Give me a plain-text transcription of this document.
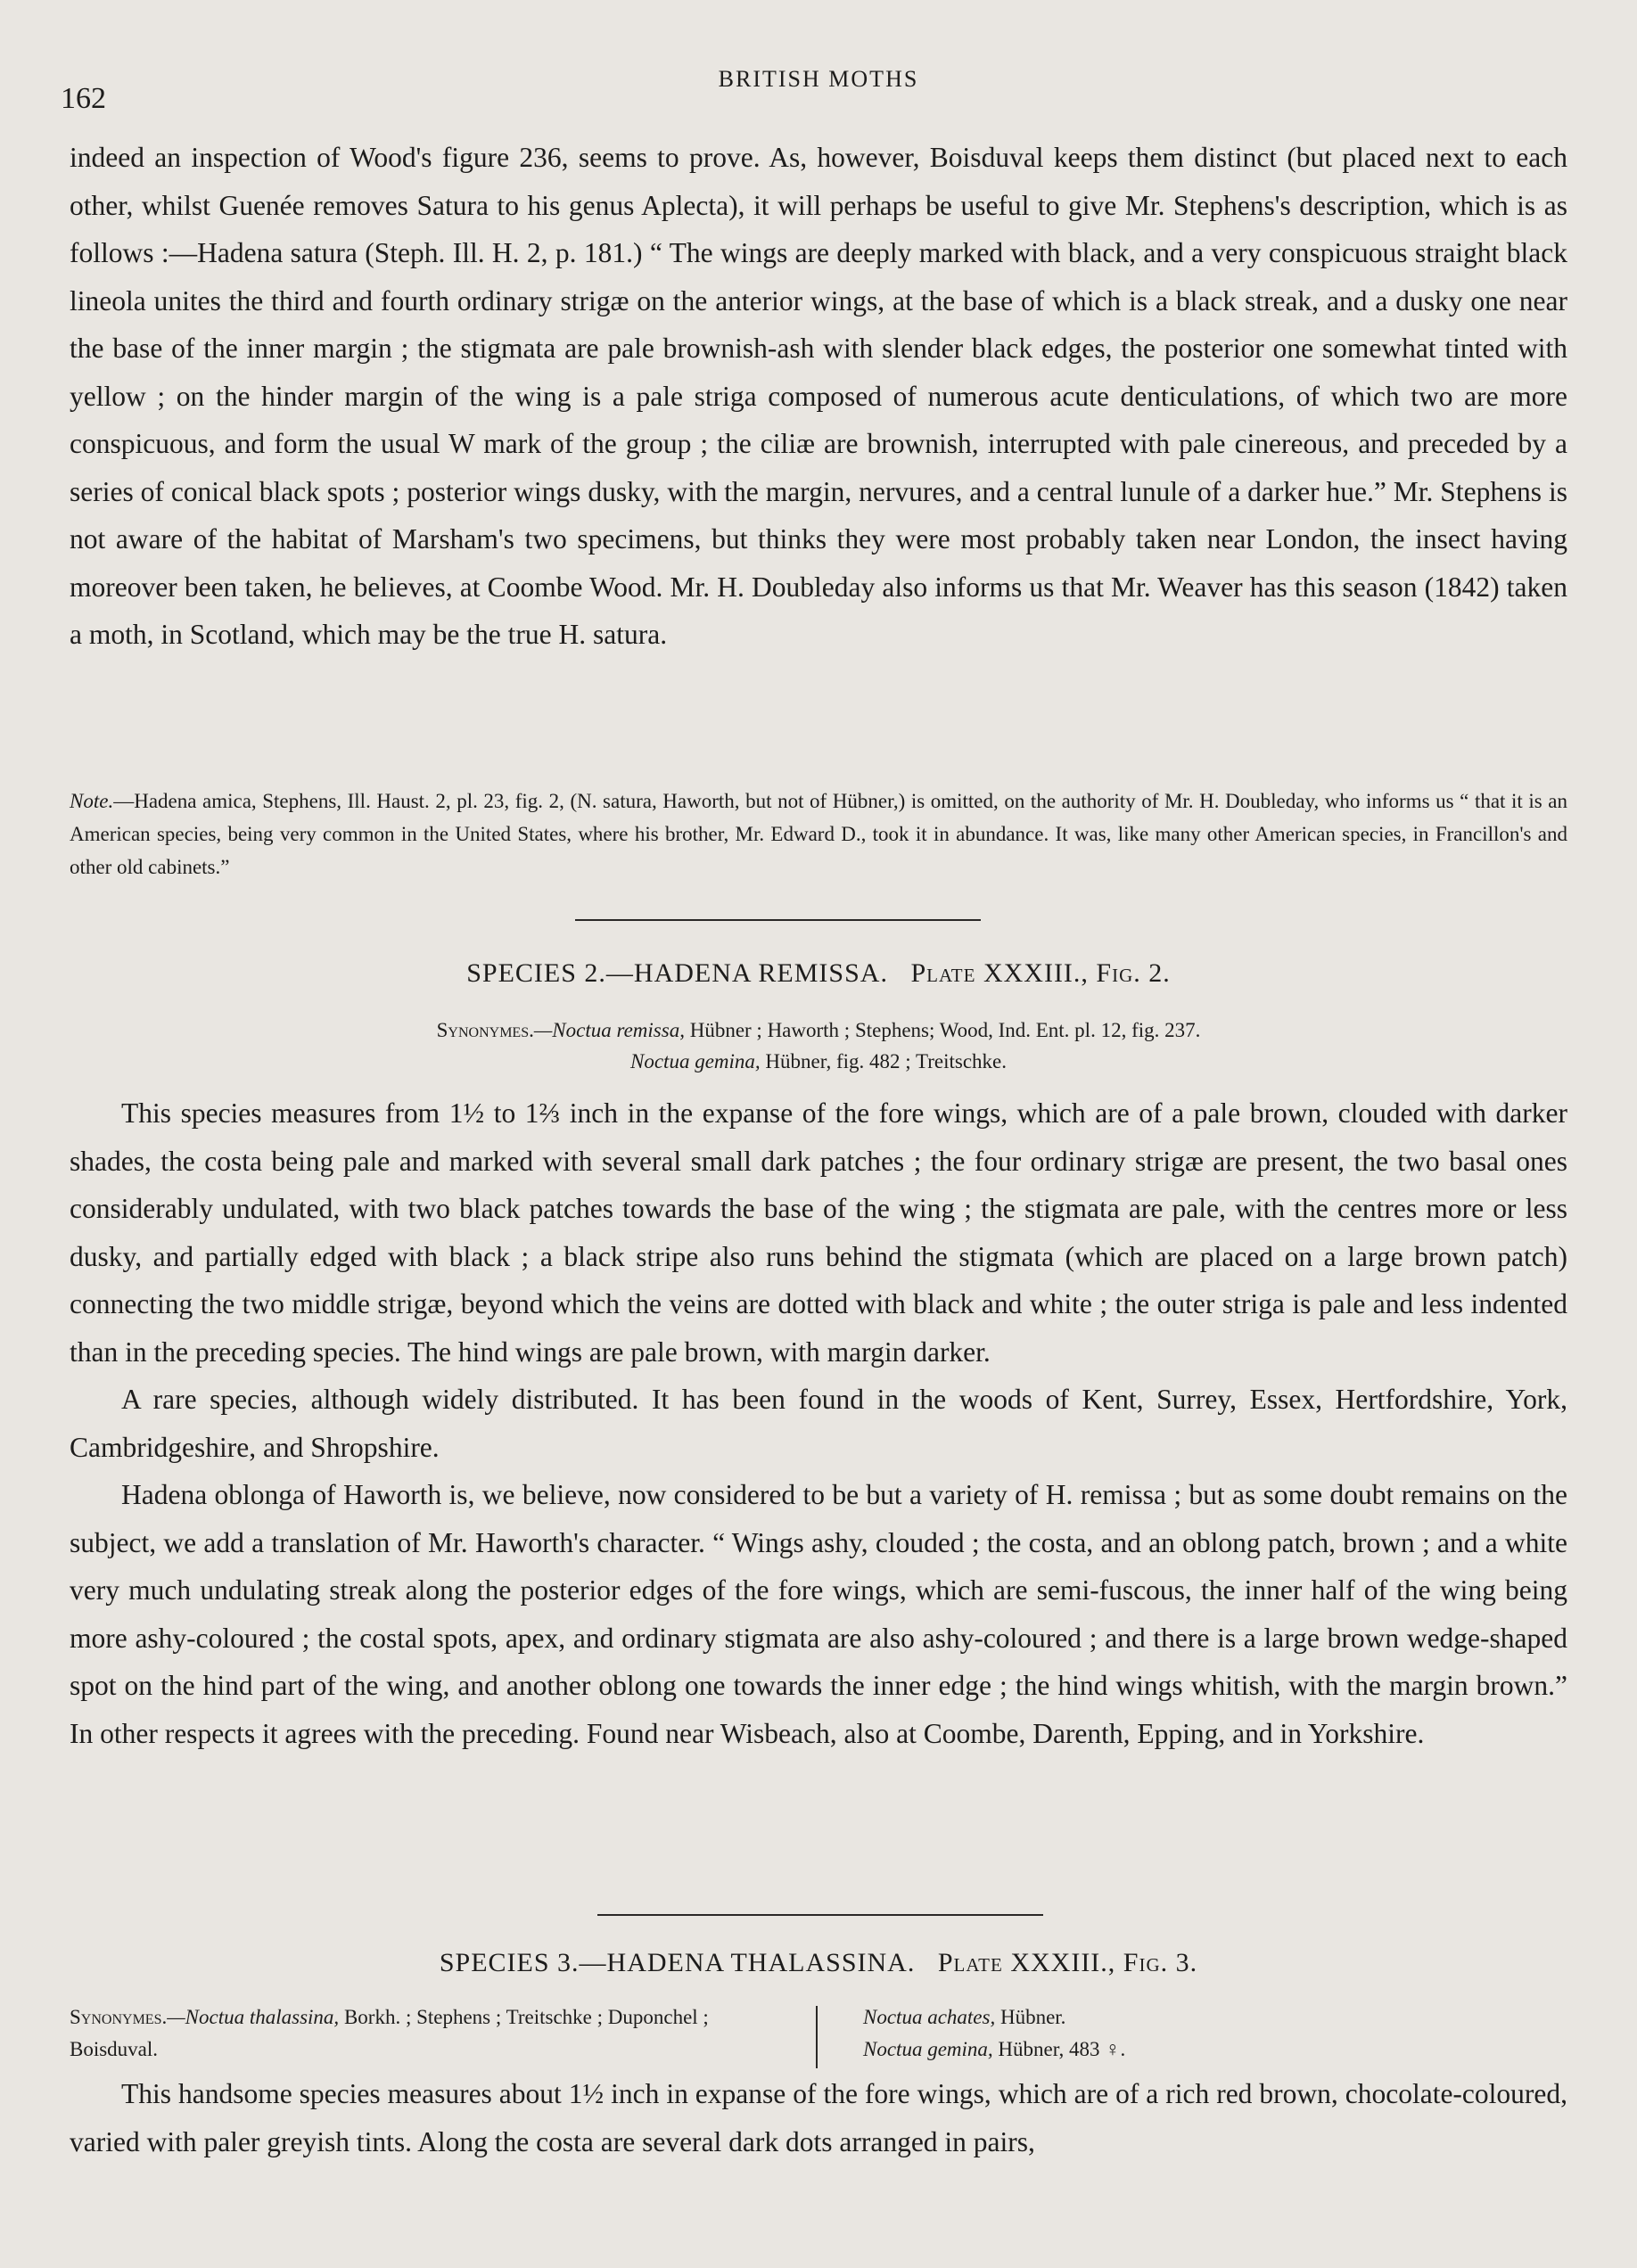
162
BRITISH MOTHS
indeed an inspection of Wood's figure 236, seems to prove. As, however, Boisduval keeps them distinct (but placed next to each other, whilst Guenée removes Satura to his genus Aplecta), it will perhaps be useful to give Mr. Stephens's description, which is as follows :—Hadena satura (Steph. Ill. H. 2, p. 181.) “ The wings are deeply marked with black, and a very conspicuous straight black lineola unites the third and fourth ordinary strigæ on the anterior wings, at the base of which is a black streak, and a dusky one near the base of the inner margin ; the stigmata are pale brownish-ash with slender black edges, the posterior one somewhat tinted with yellow ; on the hinder margin of the wing is a pale striga composed of numerous acute denticulations, of which two are more conspicuous, and form the usual W mark of the group ; the ciliæ are brownish, interrupted with pale cinereous, and preceded by a series of conical black spots ; posterior wings dusky, with the margin, nervures, and a central lunule of a darker hue.” Mr. Stephens is not aware of the habitat of Marsham's two specimens, but thinks they were most probably taken near London, the insect having moreover been taken, he believes, at Coombe Wood. Mr. H. Doubleday also informs us that Mr. Weaver has this season (1842) taken a moth, in Scotland, which may be the true H. satura.
Note.—Hadena amica, Stephens, Ill. Haust. 2, pl. 23, fig. 2, (N. satura, Haworth, but not of Hübner,) is omitted, on the authority of Mr. H. Doubleday, who informs us “ that it is an American species, being very common in the United States, where his brother, Mr. Edward D., took it in abundance. It was, like many other American species, in Francillon's and other old cabinets.”
SPECIES 2.—HADENA REMISSA. Plate XXXIII., Fig. 2.
Synonymes.—Noctua remissa, Hübner ; Haworth ; Stephens; Wood, Ind. Ent. pl. 12, fig. 237.
Noctua gemina, Hübner, fig. 482 ; Treitschke.

This species measures from 1½ to 1⅔ inch in the expanse of the fore wings, which are of a pale brown, clouded with darker shades, the costa being pale and marked with several small dark patches ; the four ordinary strigæ are present, the two basal ones considerably undulated, with two black patches towards the base of the wing ; the stigmata are pale, with the centres more or less dusky, and partially edged with black ; a black stripe also runs behind the stigmata (which are placed on a large brown patch) connecting the two middle strigæ, beyond which the veins are dotted with black and white ; the outer striga is pale and less indented than in the preceding species. The hind wings are pale brown, with margin darker.

A rare species, although widely distributed. It has been found in the woods of Kent, Surrey, Essex, Hertfordshire, York, Cambridgeshire, and Shropshire.

Hadena oblonga of Haworth is, we believe, now considered to be but a variety of H. remissa ; but as some doubt remains on the subject, we add a translation of Mr. Haworth's character. “ Wings ashy, clouded ; the costa, and an oblong patch, brown ; and a white very much undulating streak along the posterior edges of the fore wings, which are semi-fuscous, the inner half of the wing being more ashy-coloured ; the costal spots, apex, and ordinary stigmata are also ashy-coloured ; and there is a large brown wedge-shaped spot on the hind part of the wing, and another oblong one towards the inner edge ; the hind wings whitish, with the margin brown.” In other respects it agrees with the preceding. Found near Wisbeach, also at Coombe, Darenth, Epping, and in Yorkshire.

SPECIES 3.—HADENA THALASSINA. Plate XXXIII., Fig. 3.
Synonymes.—Noctua thalassina, Borkh. ; Stephens ; Treitschke ; Duponchel ; Boisduval.
Noctua achates, Hübner.
Noctua gemina, Hübner, 483 ♀.

This handsome species measures about 1½ inch in expanse of the fore wings, which are of a rich red brown, chocolate-coloured, varied with paler greyish tints. Along the costa are several dark dots arranged in pairs,
